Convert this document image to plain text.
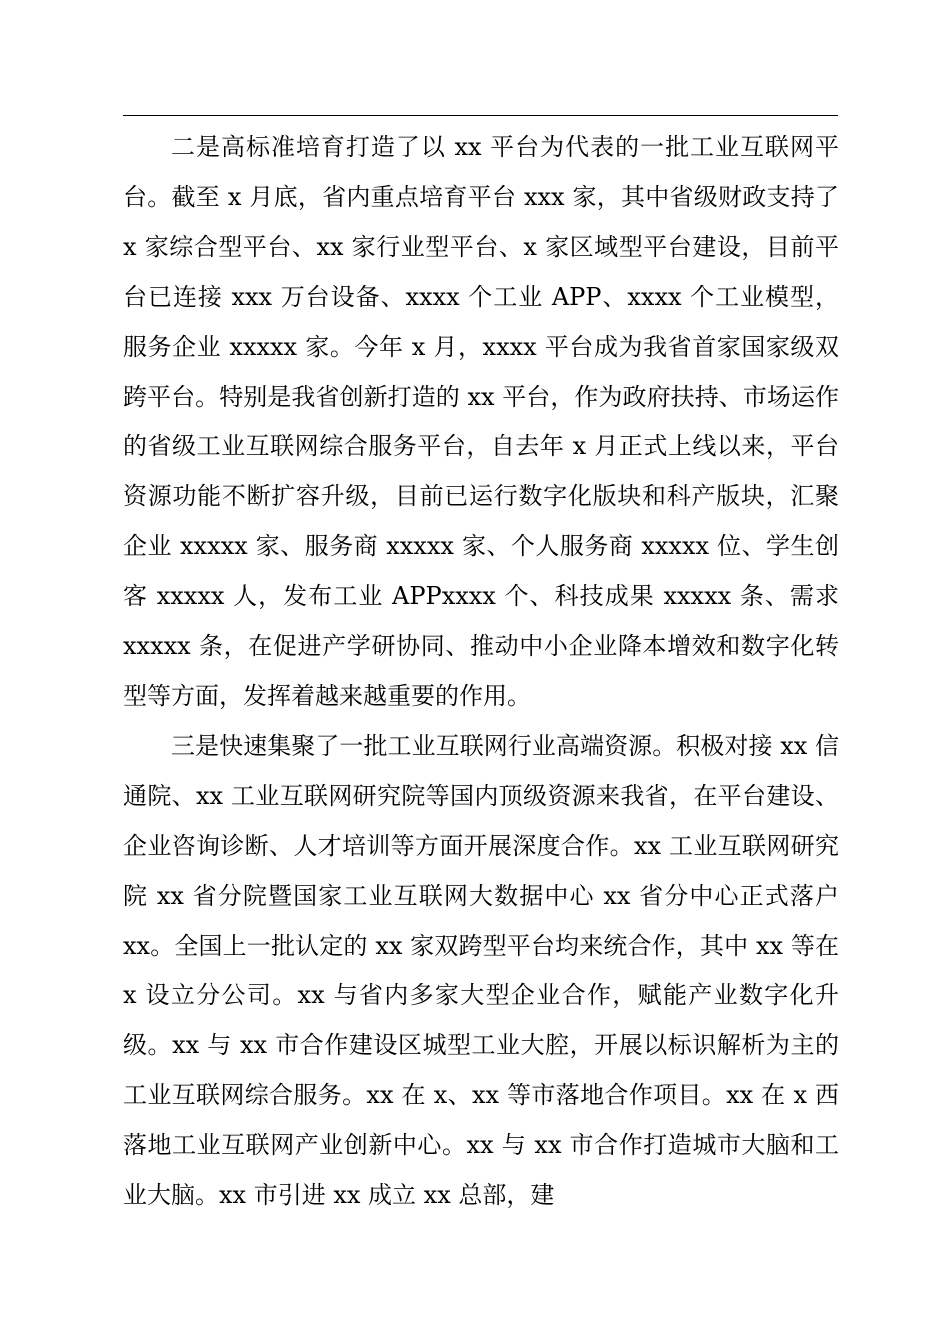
二是高标准培育打造了以 xx 平台为代表的一批工业互联网平台。截至 x 月底，省内重点培育平台 xxx 家，其中省级财政支持了 x 家综合型平台、xx 家行业型平台、x 家区域型平台建设，目前平台已连接 xxx 万台设备、xxxx 个工业 APP、xxxx 个工业模型，服务企业 xxxxx 家。今年 x 月，xxxx 平台成为我省首家国家级双跨平台。特别是我省创新打造的 xx 平台，作为政府扶持、市场运作的省级工业互联网综合服务平台，自去年 x 月正式上线以来，平台资源功能不断扩容升级，目前已运行数字化版块和科产版块，汇聚企业 xxxxx 家、服务商 xxxxx 家、个人服务商 xxxxx 位、学生创客 xxxxx 人，发布工业 APPxxxx 个、科技成果 xxxxx 条、需求 xxxxx 条，在促进产学研协同、推动中小企业降本增效和数字化转型等方面，发挥着越来越重要的作用。

三是快速集聚了一批工业互联网行业高端资源。积极对接 xx 信通院、xx 工业互联网研究院等国内顶级资源来我省，在平台建设、企业咨询诊断、人才培训等方面开展深度合作。xx 工业互联网研究院 xx 省分院暨国家工业互联网大数据中心 xx 省分中心正式落户 xx。全国上一批认定的 xx 家双跨型平台均来统合作，其中 xx 等在 x 设立分公司。xx 与省内多家大型企业合作，赋能产业数字化升级。xx 与 xx 市合作建设区城型工业大腔，开展以标识解析为主的工业互联网综合服务。xx 在 x、xx 等市落地合作项目。xx 在 x 西落地工业互联网产业创新中心。xx 与 xx 市合作打造城市大脑和工业大脑。xx 市引进 xx 成立 xx 总部，建
